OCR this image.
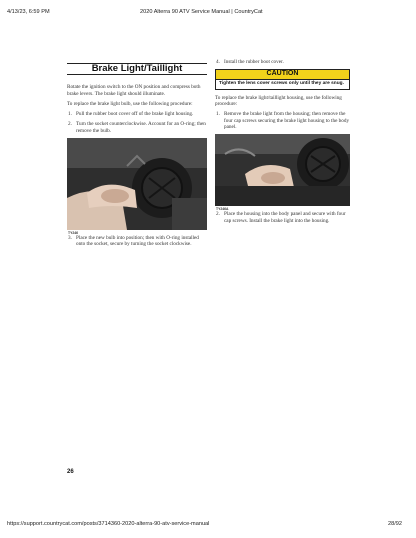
4/13/23, 6:59 PM	2020 Alterra 90 ATV Service Manual | CountryCat
Brake Light/Taillight

Rotate the ignition switch to the ON position and compress both brake levers. The brake light should illuminate.

To replace the brake light bulb, use the following procedure:

1. Pull the rubber boot cover off of the brake light housing.
2. Turn the socket counterclockwise. Account for an O-ring; then remove the bulb.
TY246
3. Place the new bulb into position; then with O-ring installed onto the socket, secure by turning the socket clockwise.
4. Install the rubber boot cover.
CAUTION
Tighten the lens cover screws only until they are snug.

To replace the brake light/taillight housing, use the following procedure:

1. Remove the brake light from the housing; then remove the four cap screws securing the brake light housing to the body panel.
TY246A
2. Place the housing into the body panel and secure with four cap screws. Install the brake light into the housing.
26
https://support.countrycat.com/posts/3714360-2020-alterra-90-atv-service-manual	28/92
